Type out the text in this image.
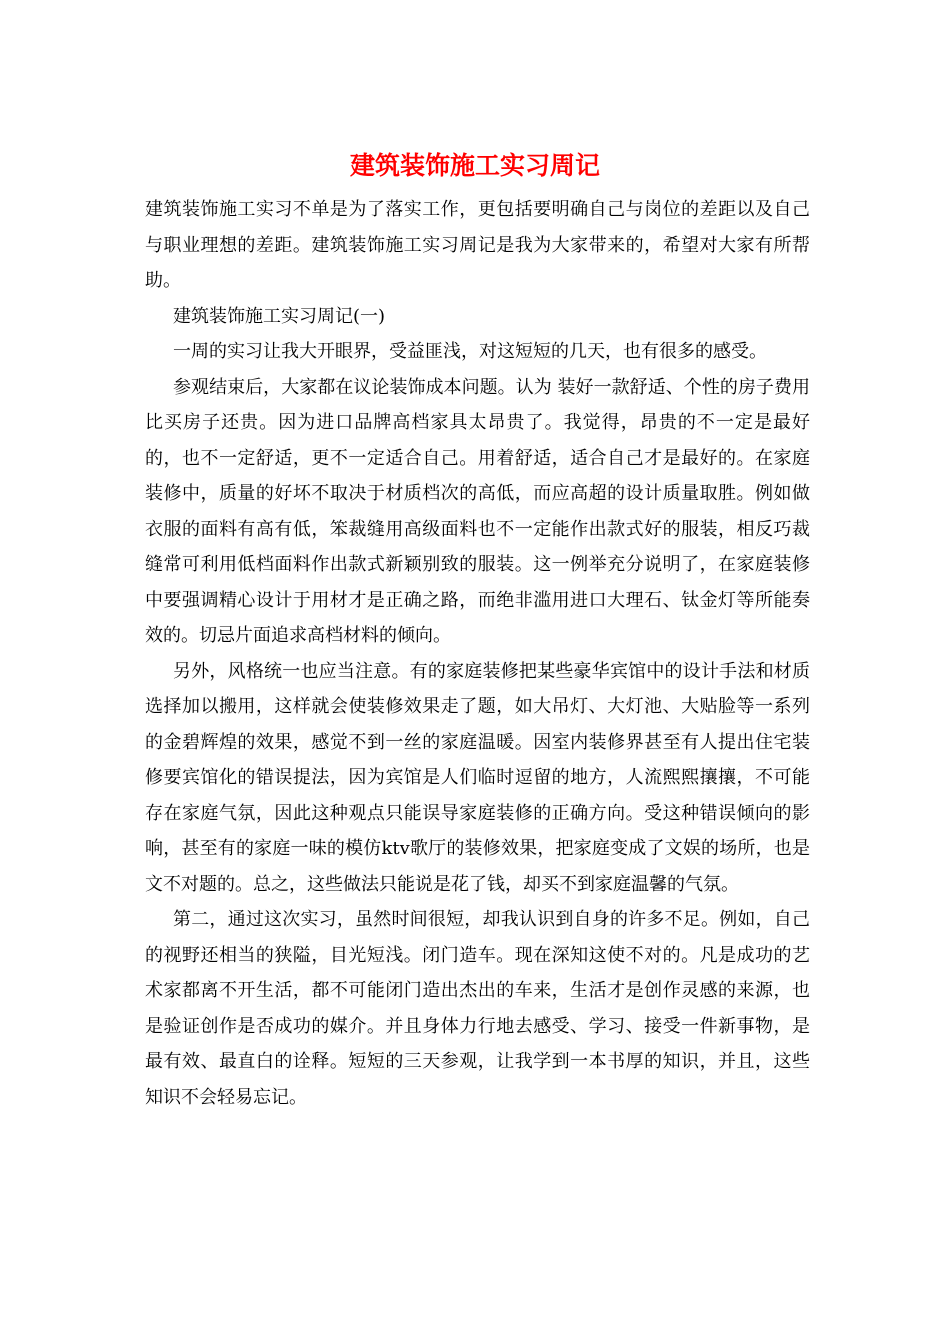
建筑装饰施工实习周记

建筑装饰施工实习不单是为了落实工作，更包括要明确自己与岗位的差距以及自己与职业理想的差距。建筑装饰施工实习周记是我为大家带来的，希望对大家有所帮助。

建筑装饰施工实习周记(一)

一周的实习让我大开眼界，受益匪浅，对这短短的几天，也有很多的感受。

参观结束后，大家都在议论装饰成本问题。认为 装好一款舒适、个性的房子费用比买房子还贵。因为进口品牌高档家具太昂贵了。我觉得，昂贵的不一定是最好的，也不一定舒适，更不一定适合自己。用着舒适，适合自己才是最好的。在家庭装修中，质量的好坏不取决于材质档次的高低，而应高超的设计质量取胜。例如做衣服的面料有高有低，笨裁缝用高级面料也不一定能作出款式好的服装，相反巧裁缝常可利用低档面料作出款式新颖别致的服装。这一例举充分说明了，在家庭装修中要强调精心设计于用材才是正确之路，而绝非滥用进口大理石、钛金灯等所能奏效的。切忌片面追求高档材料的倾向。

另外，风格统一也应当注意。有的家庭装修把某些豪华宾馆中的设计手法和材质选择加以搬用，这样就会使装修效果走了题，如大吊灯、大灯池、大贴脸等一系列的金碧辉煌的效果，感觉不到一丝的家庭温暖。因室内装修界甚至有人提出住宅装修要宾馆化的错误提法，因为宾馆是人们临时逗留的地方，人流熙熙攘攘，不可能存在家庭气氛，因此这种观点只能误导家庭装修的正确方向。受这种错误倾向的影响，甚至有的家庭一味的模仿ktv歌厅的装修效果，把家庭变成了文娱的场所，也是文不对题的。总之，这些做法只能说是花了钱，却买不到家庭温馨的气氛。

第二，通过这次实习，虽然时间很短，却我认识到自身的许多不足。例如，自己的视野还相当的狭隘，目光短浅。闭门造车。现在深知这使不对的。凡是成功的艺术家都离不开生活，都不可能闭门造出杰出的车来，生活才是创作灵感的来源，也是验证创作是否成功的媒介。并且身体力行地去感受、学习、接受一件新事物，是最有效、最直白的诠释。短短的三天参观，让我学到一本书厚的知识，并且，这些知识不会轻易忘记。
